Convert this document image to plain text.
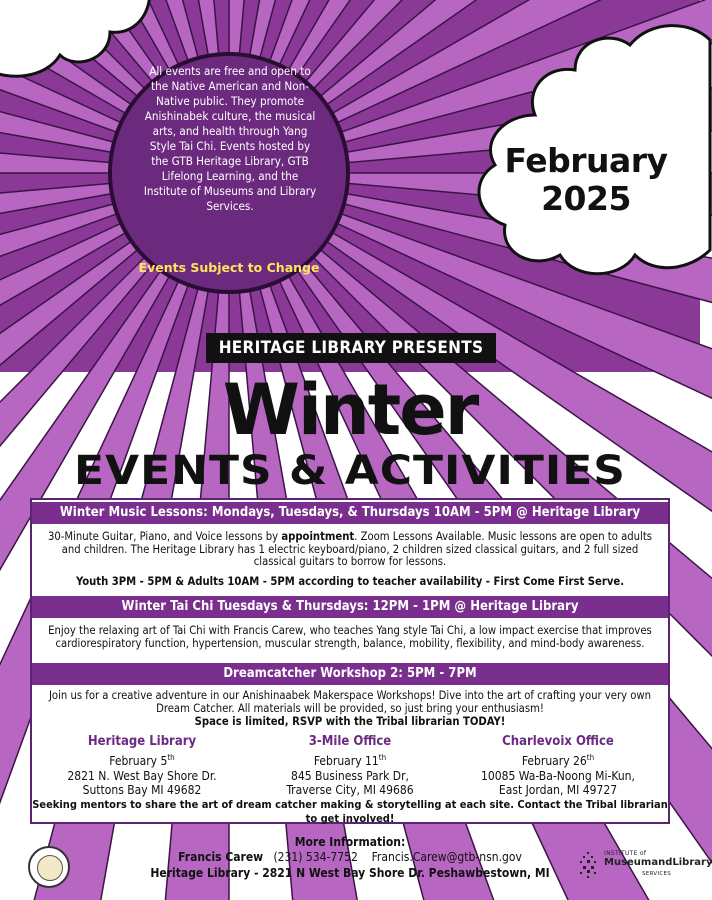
All events are free and open to the Native American and Non-Native public. They promote Anishinabek culture, the musical arts, and health through Yang Style Tai Chi. Events hosted by the GTB Heritage Library, GTB Lifelong Learning, and the Institute of Museums and Library Services.
Events Subject to Change
February
2025
HERITAGE LIBRARY PRESENTS
Winter
EVENTS & ACTIVITIES
Winter Music Lessons: Mondays, Tuesdays, & Thursdays 10AM - 5PM @ Heritage Library
30-Minute Guitar, Piano, and Voice lessons by appointment. Zoom Lessons Available. Music lessons are open to adults and children. The Heritage Library has 1 electric keyboard/piano, 2 children sized classical guitars, and 2 full sized classical guitars to borrow for lessons.
Youth 3PM - 5PM & Adults 10AM - 5PM according to teacher availability - First Come First Serve.
Winter Tai Chi Tuesdays & Thursdays: 12PM - 1PM @ Heritage Library
Enjoy the relaxing art of Tai Chi with Francis Carew, who teaches Yang style Tai Chi, a low impact exercise that improves cardiorespiratory function, hypertension, muscular strength, balance, mobility, flexibility, and mind-body awareness.
Dreamcatcher Workshop 2: 5PM - 7PM
Join us for a creative adventure in our Anishinaabek Makerspace Workshops! Dive into the art of crafting your very own Dream Catcher. All materials will be provided, so just bring your enthusiasm!
Space is limited, RSVP with the Tribal librarian TODAY!
Heritage Library
February 5th
2821 N. West Bay Shore Dr.
Suttons Bay MI 49682
3-Mile Office
February 11th
845 Business Park Dr,
Traverse City, MI 49686
Charlevoix Office
February 26th
10085 Wa-Ba-Noong Mi-Kun,
East Jordan, MI 49727
Seeking mentors to share the art of dream catcher making & storytelling at each site. Contact the Tribal librarian to get involved!
More Information:
Francis Carew (231) 534-7752 Francis.Carew@gtb-nsn.gov
Heritage Library - 2821 N West Bay Shore Dr. Peshawbestown, MI
INSTITUTE of
MuseumandLibrary
SERVICES
